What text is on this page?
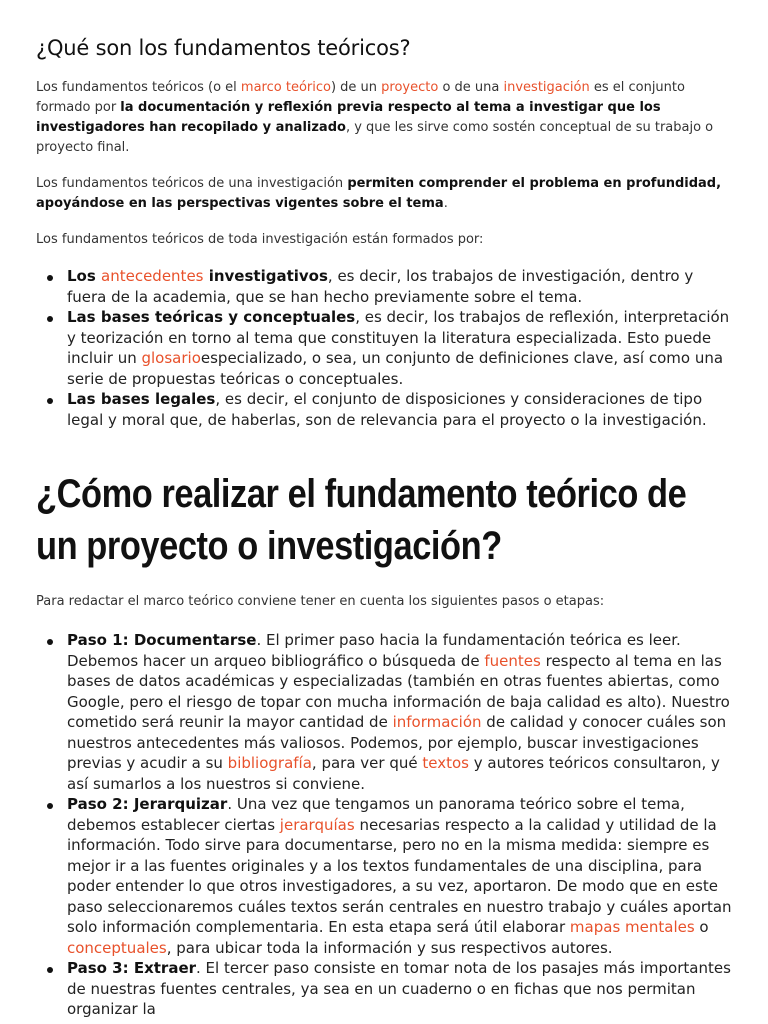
¿Qué son los fundamentos teóricos?

Los fundamentos teóricos (o el marco teórico) de un proyecto o de una investigación es el conjunto formado por la documentación y reflexión previa respecto al tema a investigar que los investigadores han recopilado y analizado, y que les sirve como sostén conceptual de su trabajo o proyecto final.

Los fundamentos teóricos de una investigación permiten comprender el problema en profundidad, apoyándose en las perspectivas vigentes sobre el tema.

Los fundamentos teóricos de toda investigación están formados por:

Los antecedentes investigativos, es decir, los trabajos de investigación, dentro y fuera de la academia, que se han hecho previamente sobre el tema.
Las bases teóricas y conceptuales, es decir, los trabajos de reflexión, interpretación y teorización en torno al tema que constituyen la literatura especializada. Esto puede incluir un glosarioespecializado, o sea, un conjunto de definiciones clave, así como una serie de propuestas teóricas o conceptuales.
Las bases legales, es decir, el conjunto de disposiciones y consideraciones de tipo legal y moral que, de haberlas, son de relevancia para el proyecto o la investigación.
¿Cómo realizar el fundamento teórico de un proyecto o investigación?

Para redactar el marco teórico conviene tener en cuenta los siguientes pasos o etapas:

Paso 1: Documentarse. El primer paso hacia la fundamentación teórica es leer. Debemos hacer un arqueo bibliográfico o búsqueda de fuentes respecto al tema en las bases de datos académicas y especializadas (también en otras fuentes abiertas, como Google, pero el riesgo de topar con mucha información de baja calidad es alto). Nuestro cometido será reunir la mayor cantidad de información de calidad y conocer cuáles son nuestros antecedentes más valiosos. Podemos, por ejemplo, buscar investigaciones previas y acudir a su bibliografía, para ver qué textos y autores teóricos consultaron, y así sumarlos a los nuestros si conviene.
Paso 2: Jerarquizar. Una vez que tengamos un panorama teórico sobre el tema, debemos establecer ciertas jerarquías necesarias respecto a la calidad y utilidad de la información. Todo sirve para documentarse, pero no en la misma medida: siempre es mejor ir a las fuentes originales y a los textos fundamentales de una disciplina, para poder entender lo que otros investigadores, a su vez, aportaron. De modo que en este paso seleccionaremos cuáles textos serán centrales en nuestro trabajo y cuáles aportan solo información complementaria. En esta etapa será útil elaborar mapas mentales o conceptuales, para ubicar toda la información y sus respectivos autores.
Paso 3: Extraer. El tercer paso consiste en tomar nota de los pasajes más importantes de nuestras fuentes centrales, ya sea en un cuaderno o en fichas que nos permitan organizar la
